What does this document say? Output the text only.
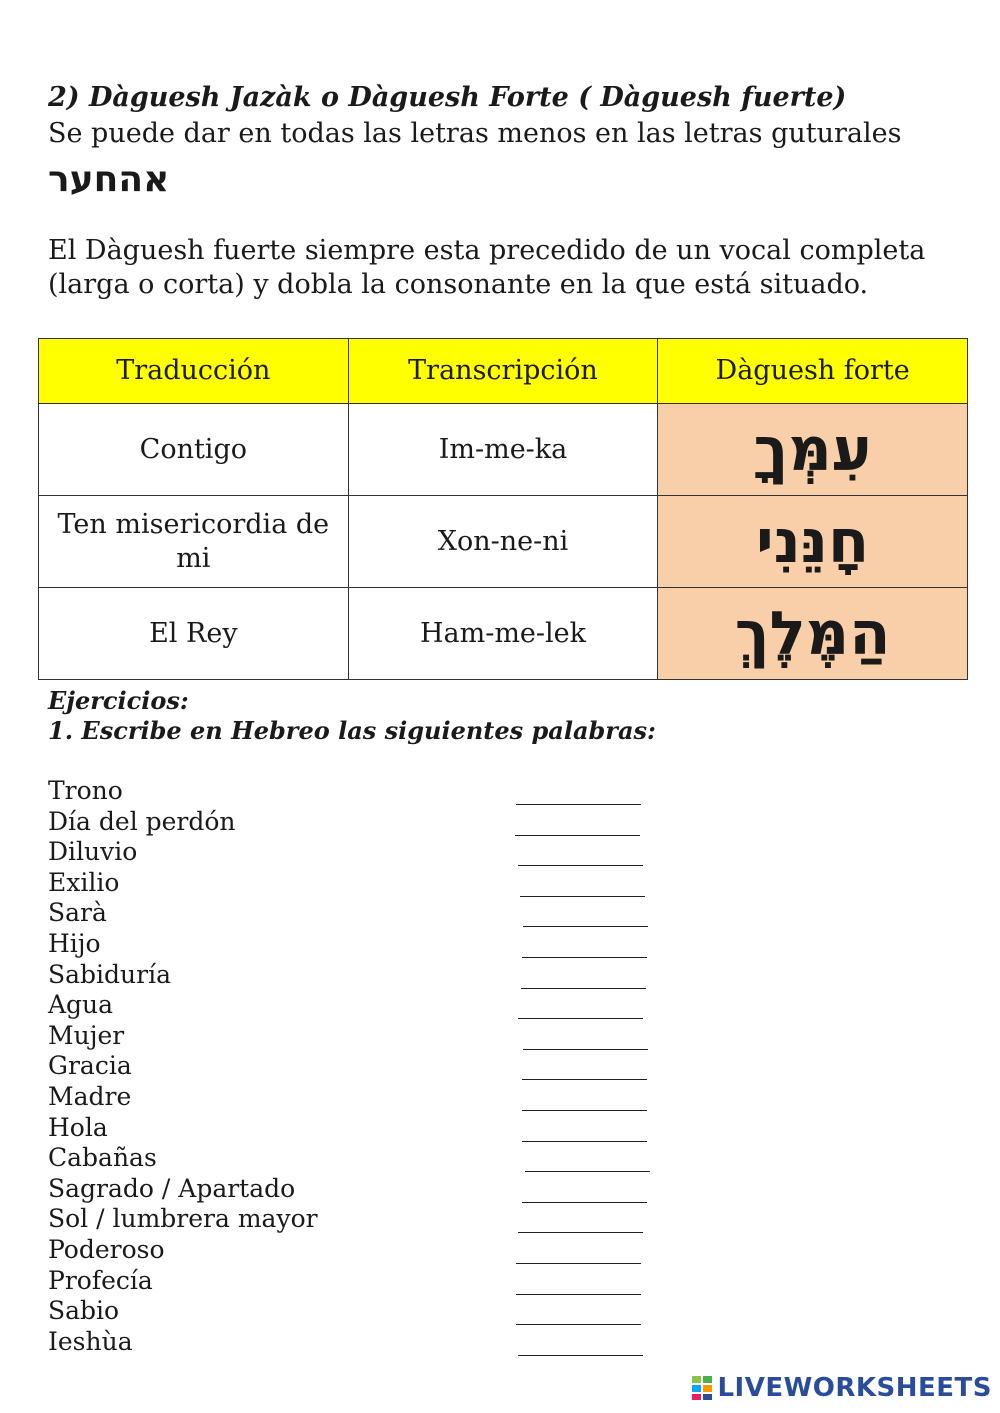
2) Dàguesh Jazàk o Dàguesh Forte ( Dàguesh fuerte)
Se puede dar en todas las letras menos en las letras guturales
אהחער
El Dàguesh fuerte siempre esta precedido de un vocal completa (larga o corta) y dobla la consonante en la que está situado.
Traducción	Transcripción	Dàguesh forte
Contigo	Im-me-ka	עִמְּךָ
Ten misericordia de mi	Xon-ne-ni	חָנֵּנִי
El Rey	Ham-me-lek	הַמֶּלֶךְ
Ejercicios:
1. Escribe en Hebreo las siguientes palabras:
Trono	__________
Día del perdón	__________
Diluvio	__________
Exilio	__________
Sarà	__________
Hijo	__________
Sabiduría	__________
Agua	__________
Mujer	__________
Gracia	__________
Madre	__________
Hola	__________
Cabañas	__________
Sagrado / Apartado	__________
Sol / lumbrera mayor	__________
Poderoso	__________
Profecía	__________
Sabio	__________
Ieshùa	__________
LIVEWORKSHEETS
